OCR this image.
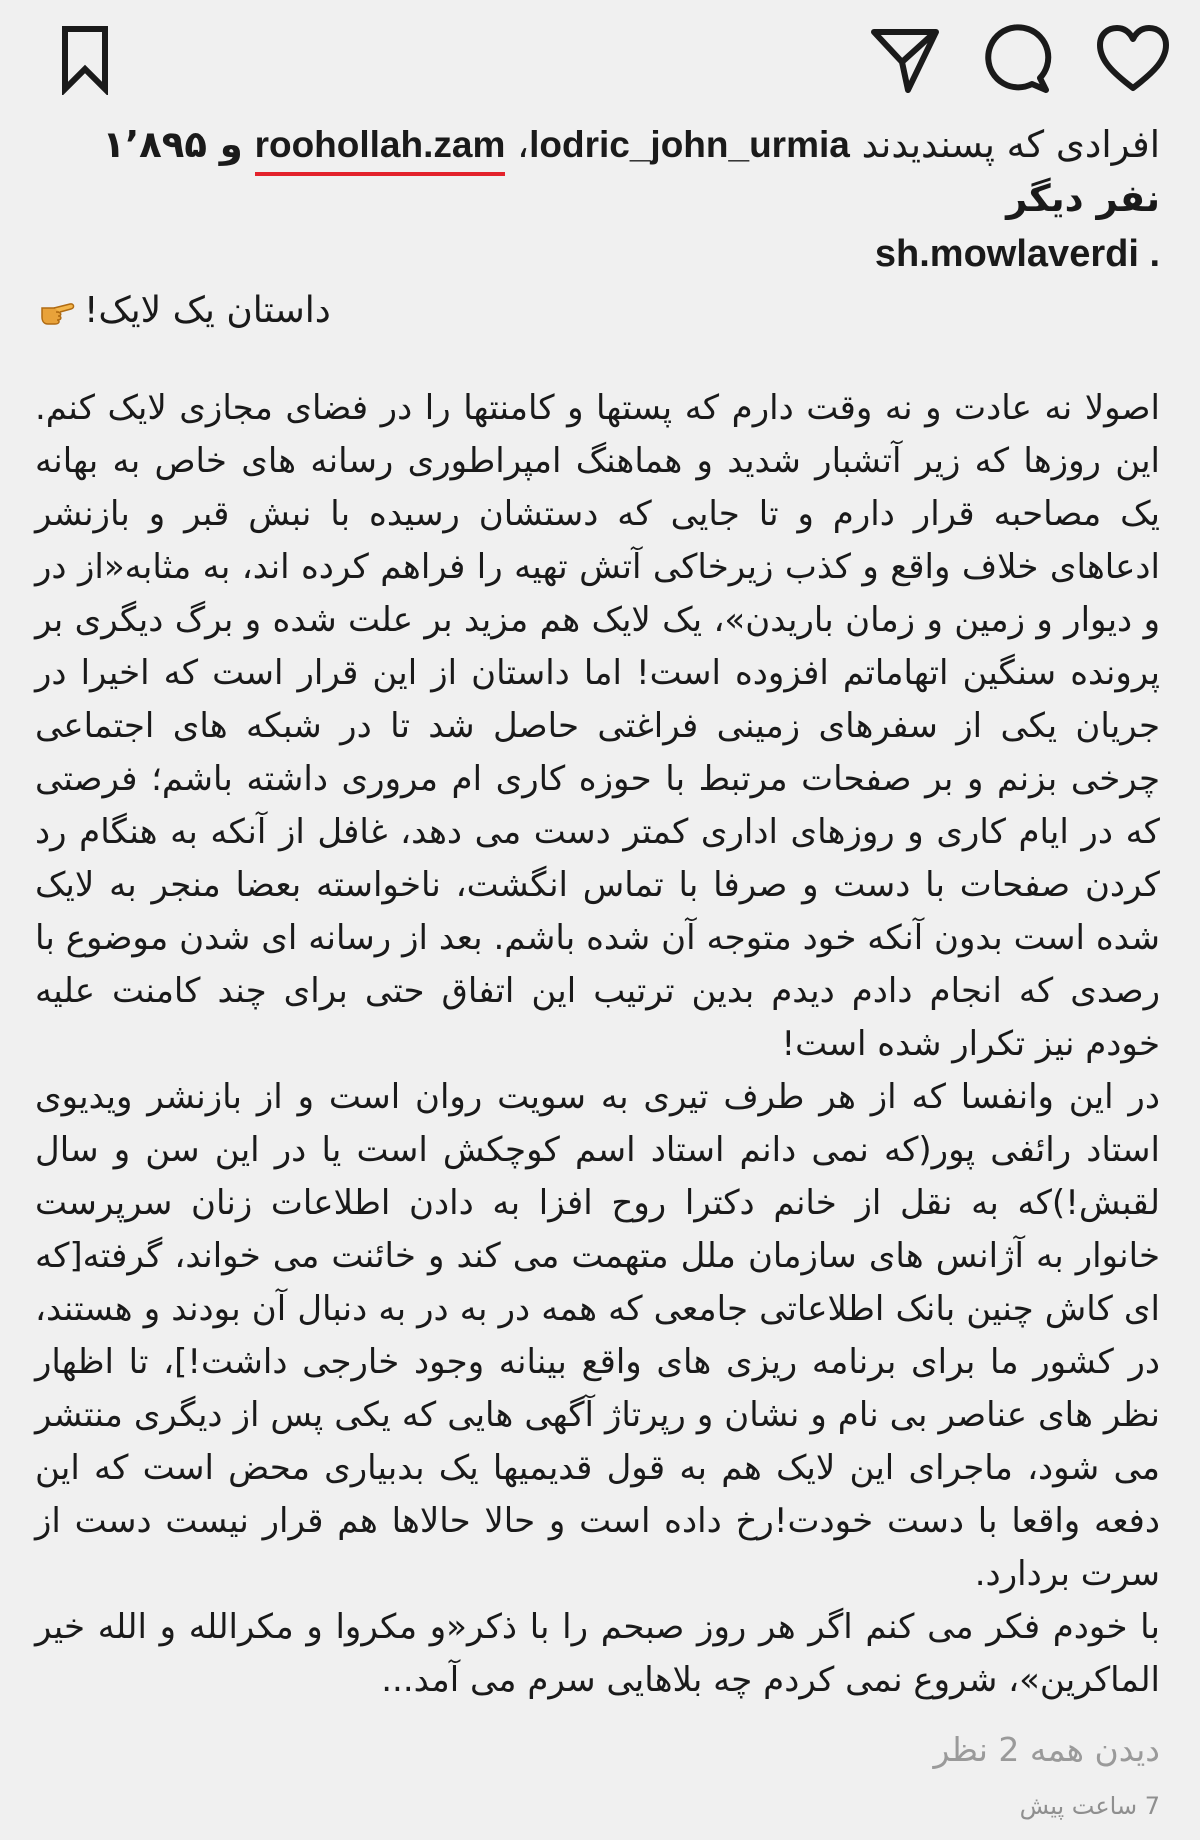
افرادی که پسندیدند lodric_john_urmia، roohollah.zam و ۱٬۸۹۵ نفر دیگر
sh.mowlaverdi .
داستان یک لایک!

اصولا نه عادت و نه وقت دارم که پستها و کامنتها را در فضای مجازی لایک کنم. این روزها که زیر آتشبار شدید و هماهنگ امپراطوری رسانه های خاص به بهانه یک مصاحبه قرار دارم و تا جایی که دستشان رسیده با نبش قبر و بازنشر ادعاهای خلاف واقع و کذب زیرخاکی آتش تهیه را فراهم کرده اند، به مثابه«از در و دیوار و زمین و زمان باریدن»، یک لایک هم مزید بر علت شده و برگ دیگری بر پرونده سنگین اتهاماتم افزوده است! اما داستان از این قرار است که اخیرا در جریان یکی از سفرهای زمینی فراغتی حاصل شد تا در شبکه های اجتماعی چرخی بزنم و بر صفحات مرتبط با حوزه کاری ام مروری داشته باشم؛ فرصتی که در ایام کاری و روزهای اداری کمتر دست می دهد، غافل از آنکه به هنگام رد کردن صفحات با دست و صرفا با تماس انگشت، ناخواسته بعضا منجر به لایک شده است بدون آنکه خود متوجه آن شده باشم. بعد از رسانه ای شدن موضوع با رصدی که انجام دادم دیدم بدین ترتیب این اتفاق حتی برای چند کامنت علیه خودم نیز تکرار شده است!

در این وانفسا که از هر طرف تیری به سویت روان است و از بازنشر ویدیوی استاد رائفی پور(که نمی دانم استاد اسم کوچکش است یا در این سن و سال لقبش!)که به نقل از خانم دکترا روح افزا به دادن اطلاعات زنان سرپرست خانوار به آژانس های سازمان ملل متهمت می کند و خائنت می خواند، گرفته[که ای کاش چنین بانک اطلاعاتی جامعی که همه در به در به دنبال آن بودند و هستند، در کشور ما برای برنامه ریزی های واقع بینانه وجود خارجی داشت!]، تا اظهار نظر های عناصر بی نام و نشان و رپرتاژ آگهی هایی که یکی پس از دیگری منتشر می شود، ماجرای این لایک هم به قول قدیمیها یک بدبیاری محض است که این دفعه واقعا با دست خودت!رخ داده است و حالا حالاها هم قرار نیست دست از سرت بردارد.

با خودم فکر می کنم اگر هر روز صبحم را با ذکر«و مکروا و مکرالله و الله خیر الماکرین»، شروع نمی کردم چه بلاهایی سرم می آمد...

دیدن همه 2 نظر
7 ساعت پیش
